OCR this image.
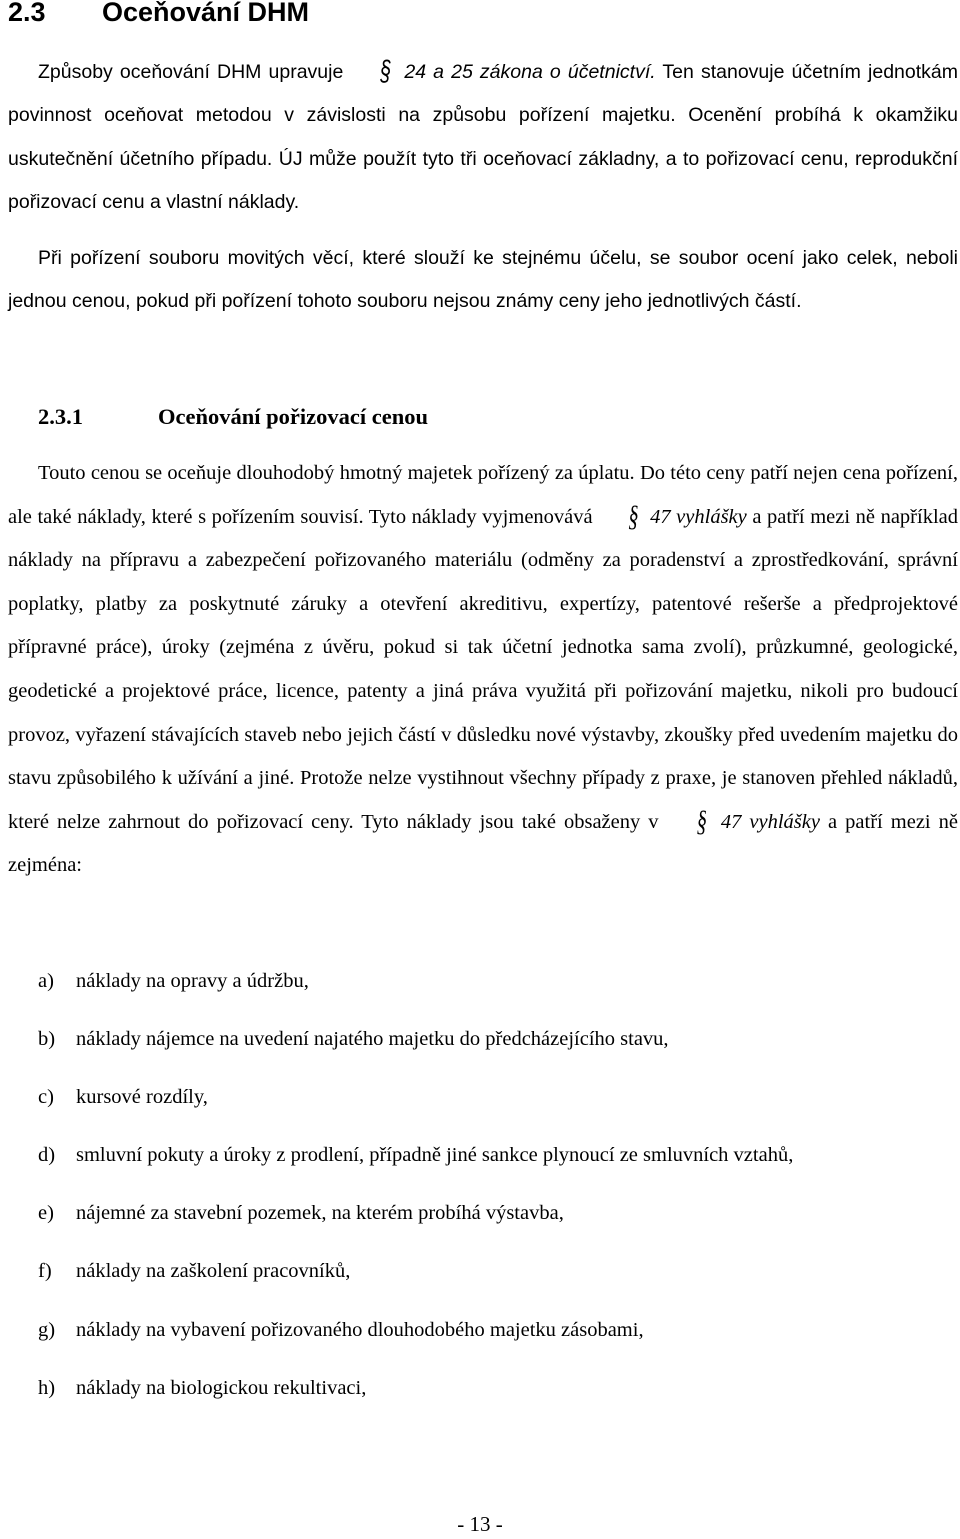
2.3 Oceňování DHM

Způsoby oceňování DHM upravuje § 24 a 25 zákona o účetnictví. Ten stanovuje účetním jednotkám povinnost oceňovat metodou v závislosti na způsobu pořízení majetku. Ocenění probíhá k okamžiku uskutečnění účetního případu. ÚJ může použít tyto tři oceňovací základny, a to pořizovací cenu, reprodukční pořizovací cenu a vlastní náklady.

Při pořízení souboru movitých věcí, které slouží ke stejnému účelu, se soubor ocení jako celek, neboli jednou cenou, pokud při pořízení tohoto souboru nejsou známy ceny jeho jednotlivých částí.

2.3.1	Oceňování pořizovací cenou

Touto cenou se oceňuje dlouhodobý hmotný majetek pořízený za úplatu. Do této ceny patří nejen cena pořízení, ale také náklady, které s pořízením souvisí. Tyto náklady vyjmenovává § 47 vyhlášky a patří mezi ně například náklady na přípravu a zabezpečení pořizovaného materiálu (odměny za poradenství a zprostředkování, správní poplatky, platby za poskytnuté záruky a otevření akreditivu, expertízy, patentové rešerše a předprojektové přípravné práce), úroky (zejména z úvěru, pokud si tak účetní jednotka sama zvolí), průzkumné, geologické, geodetické a projektové práce, licence, patenty a jiná práva využitá při pořizování majetku, nikoli pro budoucí provoz, vyřazení stávajících staveb nebo jejich částí v důsledku nové výstavby, zkoušky před uvedením majetku do stavu způsobilého k užívání a jiné. Protože nelze vystihnout všechny případy z praxe, je stanoven přehled nákladů, které nelze zahrnout do pořizovací ceny. Tyto náklady jsou také obsaženy v § 47 vyhlášky a patří mezi ně zejména:

a) náklady na opravy a údržbu,
b) náklady nájemce na uvedení najatého majetku do předcházejícího stavu,
c) kursové rozdíly,
d) smluvní pokuty a úroky z prodlení, případně jiné sankce plynoucí ze smluvních vztahů,
e) nájemné za stavební pozemek, na kterém probíhá výstavba,
f) náklady na zaškolení pracovníků,
g) náklady na vybavení pořizovaného dlouhodobého majetku zásobami,
h) náklady na biologickou rekultivaci,
- 13 -
